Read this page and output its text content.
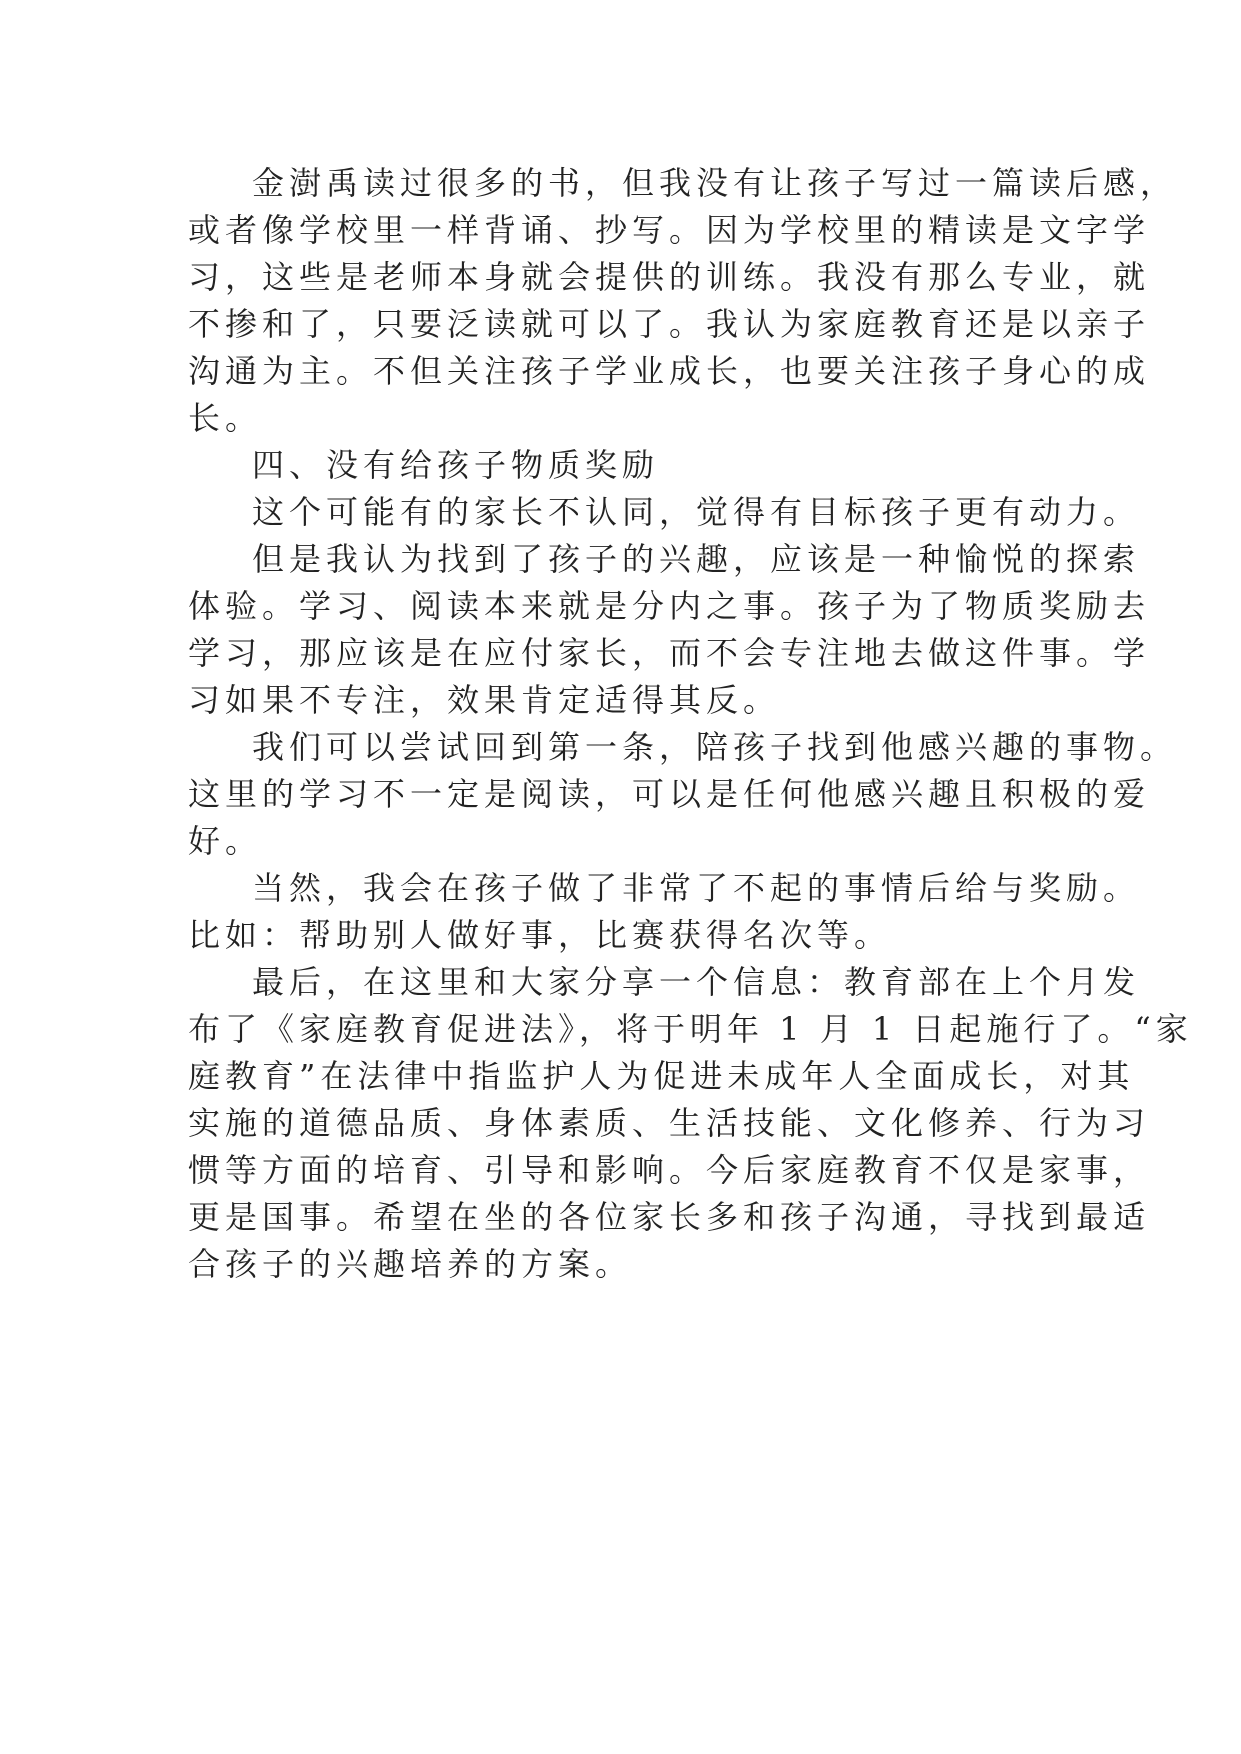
金澍禹读过很多的书，但我没有让孩子写过一篇读后感，
或者像学校里一样背诵、抄写。因为学校里的精读是文字学
习，这些是老师本身就会提供的训练。我没有那么专业，就
不掺和了，只要泛读就可以了。我认为家庭教育还是以亲子
沟通为主。不但关注孩子学业成长，也要关注孩子身心的成
长。

四、没有给孩子物质奖励

这个可能有的家长不认同，觉得有目标孩子更有动力。

但是我认为找到了孩子的兴趣，应该是一种愉悦的探索
体验。学习、阅读本来就是分内之事。孩子为了物质奖励去
学习，那应该是在应付家长，而不会专注地去做这件事。学
习如果不专注，效果肯定适得其反。

我们可以尝试回到第一条，陪孩子找到他感兴趣的事物。
这里的学习不一定是阅读，可以是任何他感兴趣且积极的爱
好。

当然，我会在孩子做了非常了不起的事情后给与奖励。
比如：帮助别人做好事，比赛获得名次等。

最后，在这里和大家分享一个信息：教育部在上个月发
布了《家庭教育促进法》，将于明年 1 月 1 日起施行了。“家
庭教育”在法律中指监护人为促进未成年人全面成长，对其
实施的道德品质、身体素质、生活技能、文化修养、行为习
惯等方面的培育、引导和影响。今后家庭教育不仅是家事，
更是国事。希望在坐的各位家长多和孩子沟通，寻找到最适
合孩子的兴趣培养的方案。
